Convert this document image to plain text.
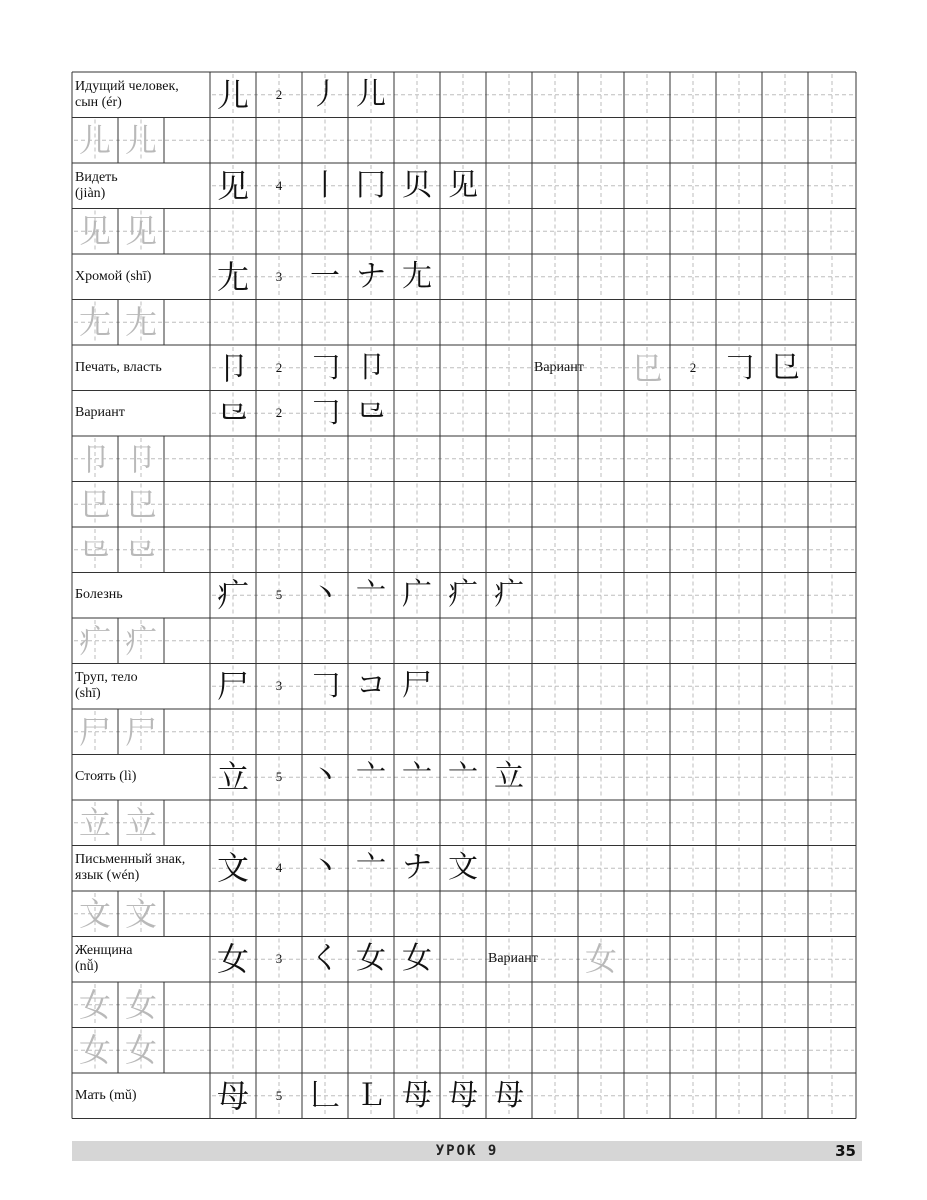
Идущий человек,
сын (ér)	儿	2 丿 儿
儿 儿
Видеть
(jiàn)	见	4 丨 冂 贝 见
见 见
Хромой (shī)	尢	3 一 ナ 尢
尢 尢
Печать, власть	卩	2 𠃌 卩	Вариант	㔾	2 𠃌 㔾
Вариант	⺋	2 𠃌 ⺋
卩 卩
㔾 㔾
⺋ ⺋
Болезнь	疒	5 丶 亠 广 疒 疒
疒 疒
Труп, тело
(shī)	尸	3 𠃌 コ 尸
尸 尸
Стоять (lì)	立	5 丶 亠 亠 亠 立
立 立
Письменный знак,
язык (wén)	文	4 丶 亠 ナ 文
文 文
Женщина
(nǚ)	女	3 く 女 女	Вариант	女
女 女
女 女
Мать (mǔ)	母	5 𠃊 Ｌ 母 母 母
УРОК 9	35
